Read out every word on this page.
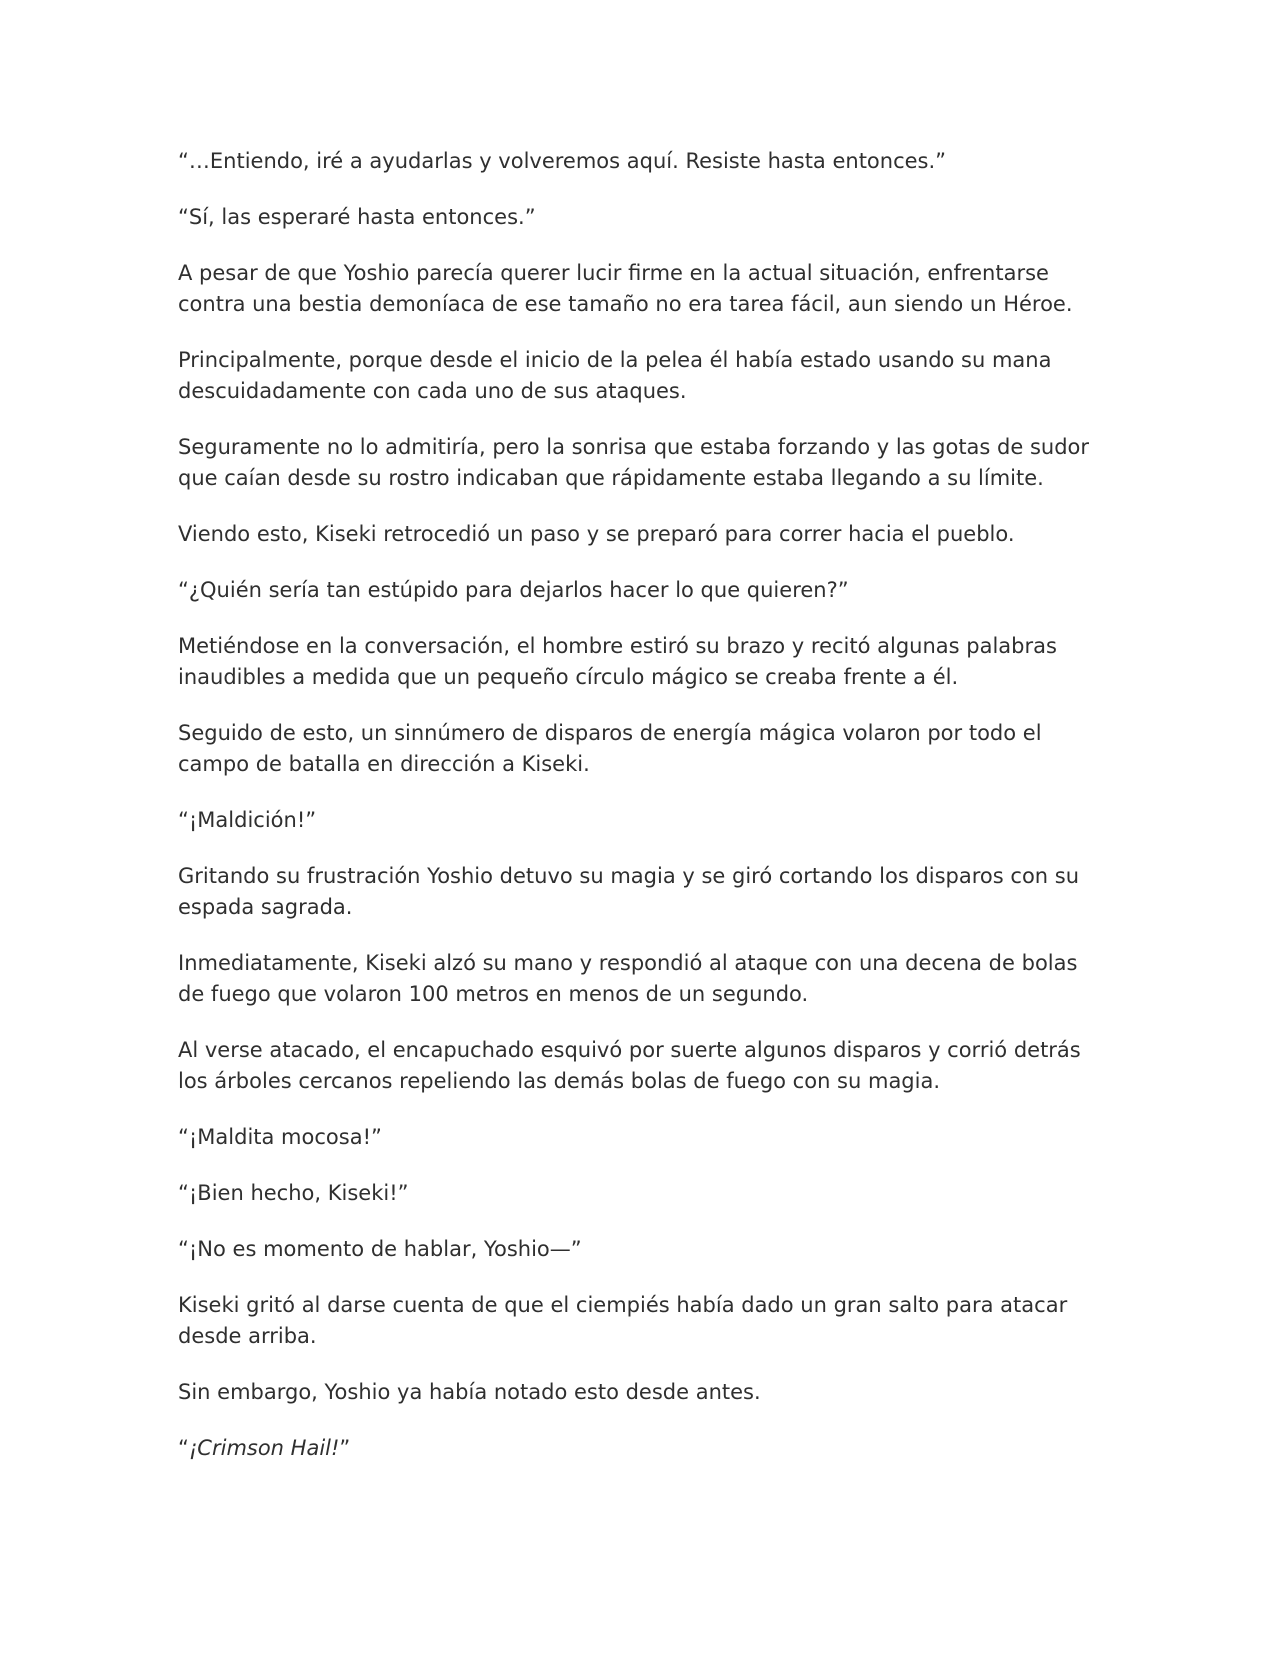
“…Entiendo, iré a ayudarlas y volveremos aquí. Resiste hasta entonces.”

“Sí, las esperaré hasta entonces.”

A pesar de que Yoshio parecía querer lucir firme en la actual situación, enfrentarse contra una bestia demoníaca de ese tamaño no era tarea fácil, aun siendo un Héroe.

Principalmente, porque desde el inicio de la pelea él había estado usando su mana descuidadamente con cada uno de sus ataques.

Seguramente no lo admitiría, pero la sonrisa que estaba forzando y las gotas de sudor que caían desde su rostro indicaban que rápidamente estaba llegando a su límite.

Viendo esto, Kiseki retrocedió un paso y se preparó para correr hacia el pueblo.

“¿Quién sería tan estúpido para dejarlos hacer lo que quieren?”

Metiéndose en la conversación, el hombre estiró su brazo y recitó algunas palabras inaudibles a medida que un pequeño círculo mágico se creaba frente a él.

Seguido de esto, un sinnúmero de disparos de energía mágica volaron por todo el campo de batalla en dirección a Kiseki.

“¡Maldición!”

Gritando su frustración Yoshio detuvo su magia y se giró cortando los disparos con su espada sagrada.

Inmediatamente, Kiseki alzó su mano y respondió al ataque con una decena de bolas de fuego que volaron 100 metros en menos de un segundo.

Al verse atacado, el encapuchado esquivó por suerte algunos disparos y corrió detrás los árboles cercanos repeliendo las demás bolas de fuego con su magia.

“¡Maldita mocosa!”

“¡Bien hecho, Kiseki!”

“¡No es momento de hablar, Yoshio—”

Kiseki gritó al darse cuenta de que el ciempiés había dado un gran salto para atacar desde arriba.

Sin embargo, Yoshio ya había notado esto desde antes.

“¡Crimson Hail!”
